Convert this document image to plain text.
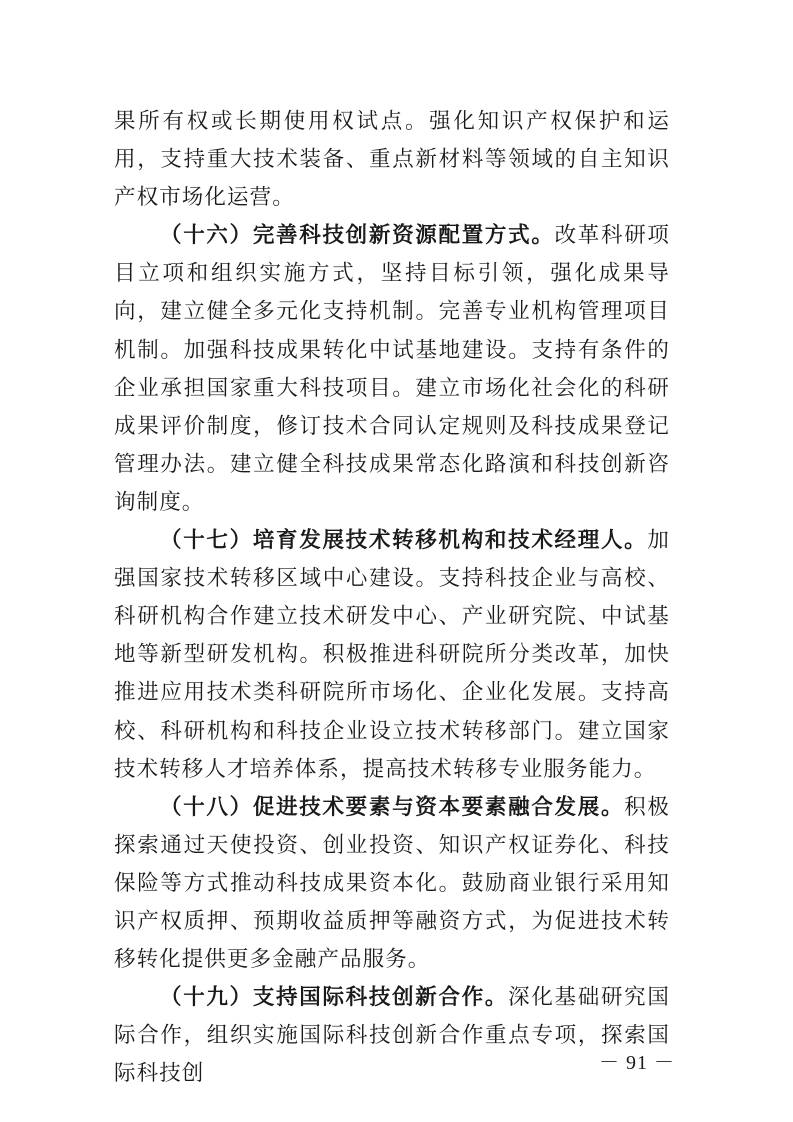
果所有权或长期使用权试点。强化知识产权保护和运用，支持重大技术装备、重点新材料等领域的自主知识产权市场化运营。

（十六）完善科技创新资源配置方式。改革科研项目立项和组织实施方式，坚持目标引领，强化成果导向，建立健全多元化支持机制。完善专业机构管理项目机制。加强科技成果转化中试基地建设。支持有条件的企业承担国家重大科技项目。建立市场化社会化的科研成果评价制度，修订技术合同认定规则及科技成果登记管理办法。建立健全科技成果常态化路演和科技创新咨询制度。

（十七）培育发展技术转移机构和技术经理人。加强国家技术转移区域中心建设。支持科技企业与高校、科研机构合作建立技术研发中心、产业研究院、中试基地等新型研发机构。积极推进科研院所分类改革，加快推进应用技术类科研院所市场化、企业化发展。支持高校、科研机构和科技企业设立技术转移部门。建立国家技术转移人才培养体系，提高技术转移专业服务能力。

（十八）促进技术要素与资本要素融合发展。积极探索通过天使投资、创业投资、知识产权证券化、科技保险等方式推动科技成果资本化。鼓励商业银行采用知识产权质押、预期收益质押等融资方式，为促进技术转移转化提供更多金融产品服务。

（十九）支持国际科技创新合作。深化基础研究国际合作，组织实施国际科技创新合作重点专项，探索国际科技创	－ 91 －
